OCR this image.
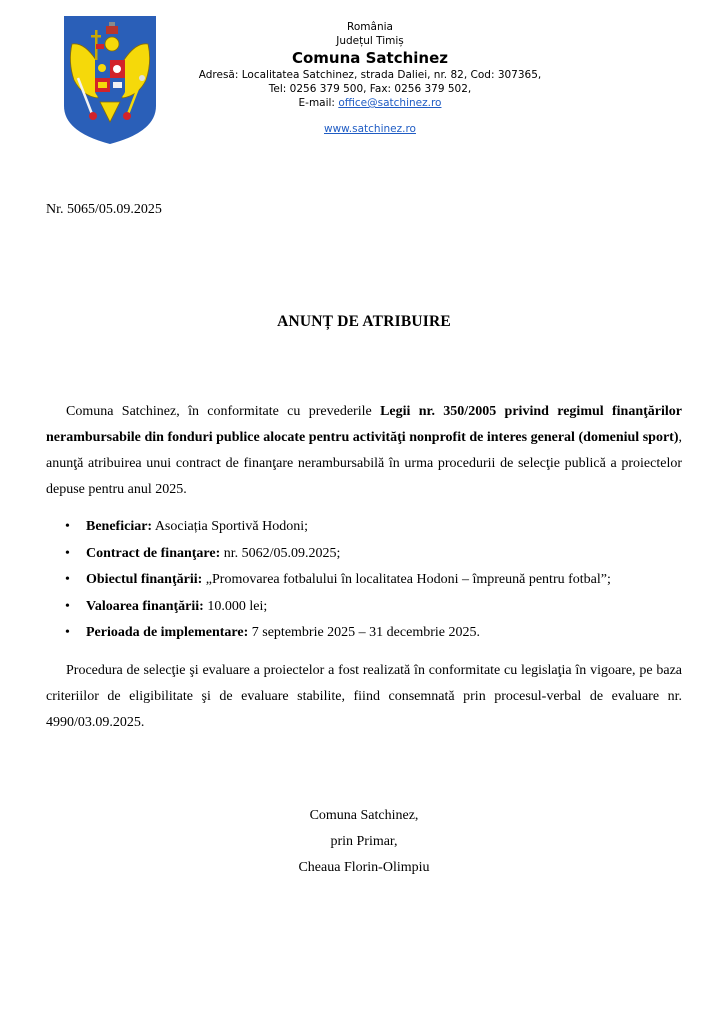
România
Județul Timiș
Comuna Satchinez
Adresă: Localitatea Satchinez, strada Daliei, nr. 82, Cod: 307365,
Tel: 0256 379 500, Fax: 0256 379 502,
E-mail: office@satchinez.ro
www.satchinez.ro
Nr. 5065/05.09.2025
ANUNȚ DE ATRIBUIRE
Comuna Satchinez, în conformitate cu prevederile Legii nr. 350/2005 privind regimul finanţărilor nerambursabile din fonduri publice alocate pentru activităţi nonprofit de interes general (domeniul sport), anunţă atribuirea unui contract de finanţare nerambursabilă în urma procedurii de selecţie publică a proiectelor depuse pentru anul 2025.
• Beneficiar: Asociația Sportivă Hodoni;
• Contract de finanţare: nr. 5062/05.09.2025;
• Obiectul finanţării: „Promovarea fotbalului în localitatea Hodoni – împreună pentru fotbal”;
• Valoarea finanţării: 10.000 lei;
• Perioada de implementare: 7 septembrie 2025 – 31 decembrie 2025.
Procedura de selecţie şi evaluare a proiectelor a fost realizată în conformitate cu legislaţia în vigoare, pe baza criteriilor de eligibilitate şi de evaluare stabilite, fiind consemnată prin procesul-verbal de evaluare nr. 4990/03.09.2025.
Comuna Satchinez,
prin Primar,
Cheaua Florin-Olimpiu
